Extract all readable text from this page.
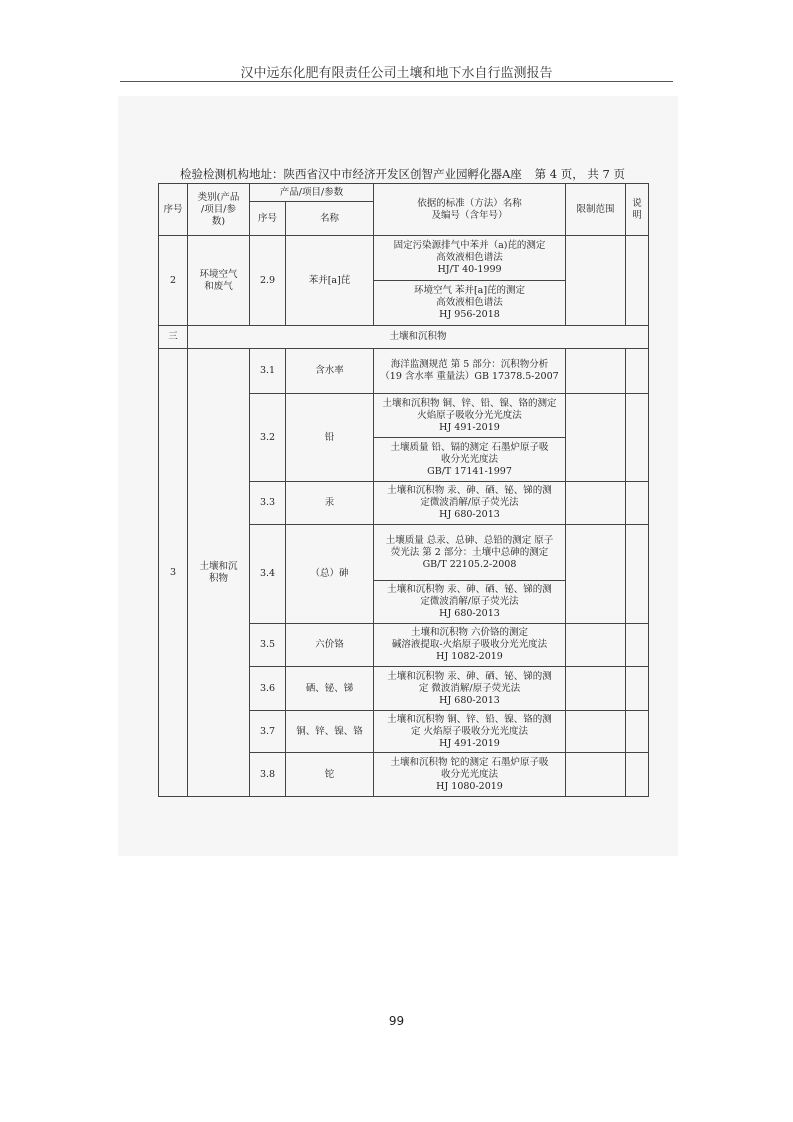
汉中远东化肥有限责任公司土壤和地下水自行监测报告
检验检测机构地址：陕西省汉中市经济开发区创智产业园孵化器A座 第 4 页， 共 7 页
序号	类别(产品
/项目/参
数)	产品/项目/参数		依据的标准（方法）名称
及编号（含年号）	限制范围	说明
		序号	名称			
2	环境空气
和废气	2.9	苯并[a]芘	固定污染源排气中苯并（a)芘的测定
高效液相色谱法
HJ/T 40-1999		
				环境空气 苯并[a]芘的测定
高效液相色谱法
HJ 956-2018		
三	土壤和沉积物					
3	土壤和沉
积物	3.1	含水率	海洋监测规范 第 5 部分：沉积物分析
（19 含水率 重量法）GB 17378.5-2007		
		3.2	铅	土壤和沉积物 铜、锌、铅、镍、铬的测定
火焰原子吸收分光光度法
HJ 491-2019		
				土壤质量 铅、镉的测定 石墨炉原子吸
收分光光度法
GB/T 17141-1997		
		3.3	汞	土壤和沉积物 汞、砷、硒、铋、锑的测
定微波消解/原子荧光法
HJ 680-2013		
		3.4	（总）砷	土壤质量 总汞、总砷、总铅的测定 原子
荧光法 第 2 部分：土壤中总砷的测定
GB/T 22105.2-2008		
				土壤和沉积物 汞、砷、硒、铋、锑的测
定微波消解/原子荧光法
HJ 680-2013		
		3.5	六价铬	土壤和沉积物 六价铬的测定
碱溶液提取-火焰原子吸收分光光度法
HJ 1082-2019		
		3.6	硒、铋、锑	土壤和沉积物 汞、砷、硒、铋、锑的测
定 微波消解/原子荧光法
HJ 680-2013		
		3.7	铜、锌、镍、铬	土壤和沉积物 铜、锌、铅、镍、铬的测
定 火焰原子吸收分光光度法
HJ 491-2019		
		3.8	铊	土壤和沉积物 铊的测定 石墨炉原子吸
收分光光度法
HJ 1080-2019		
99
